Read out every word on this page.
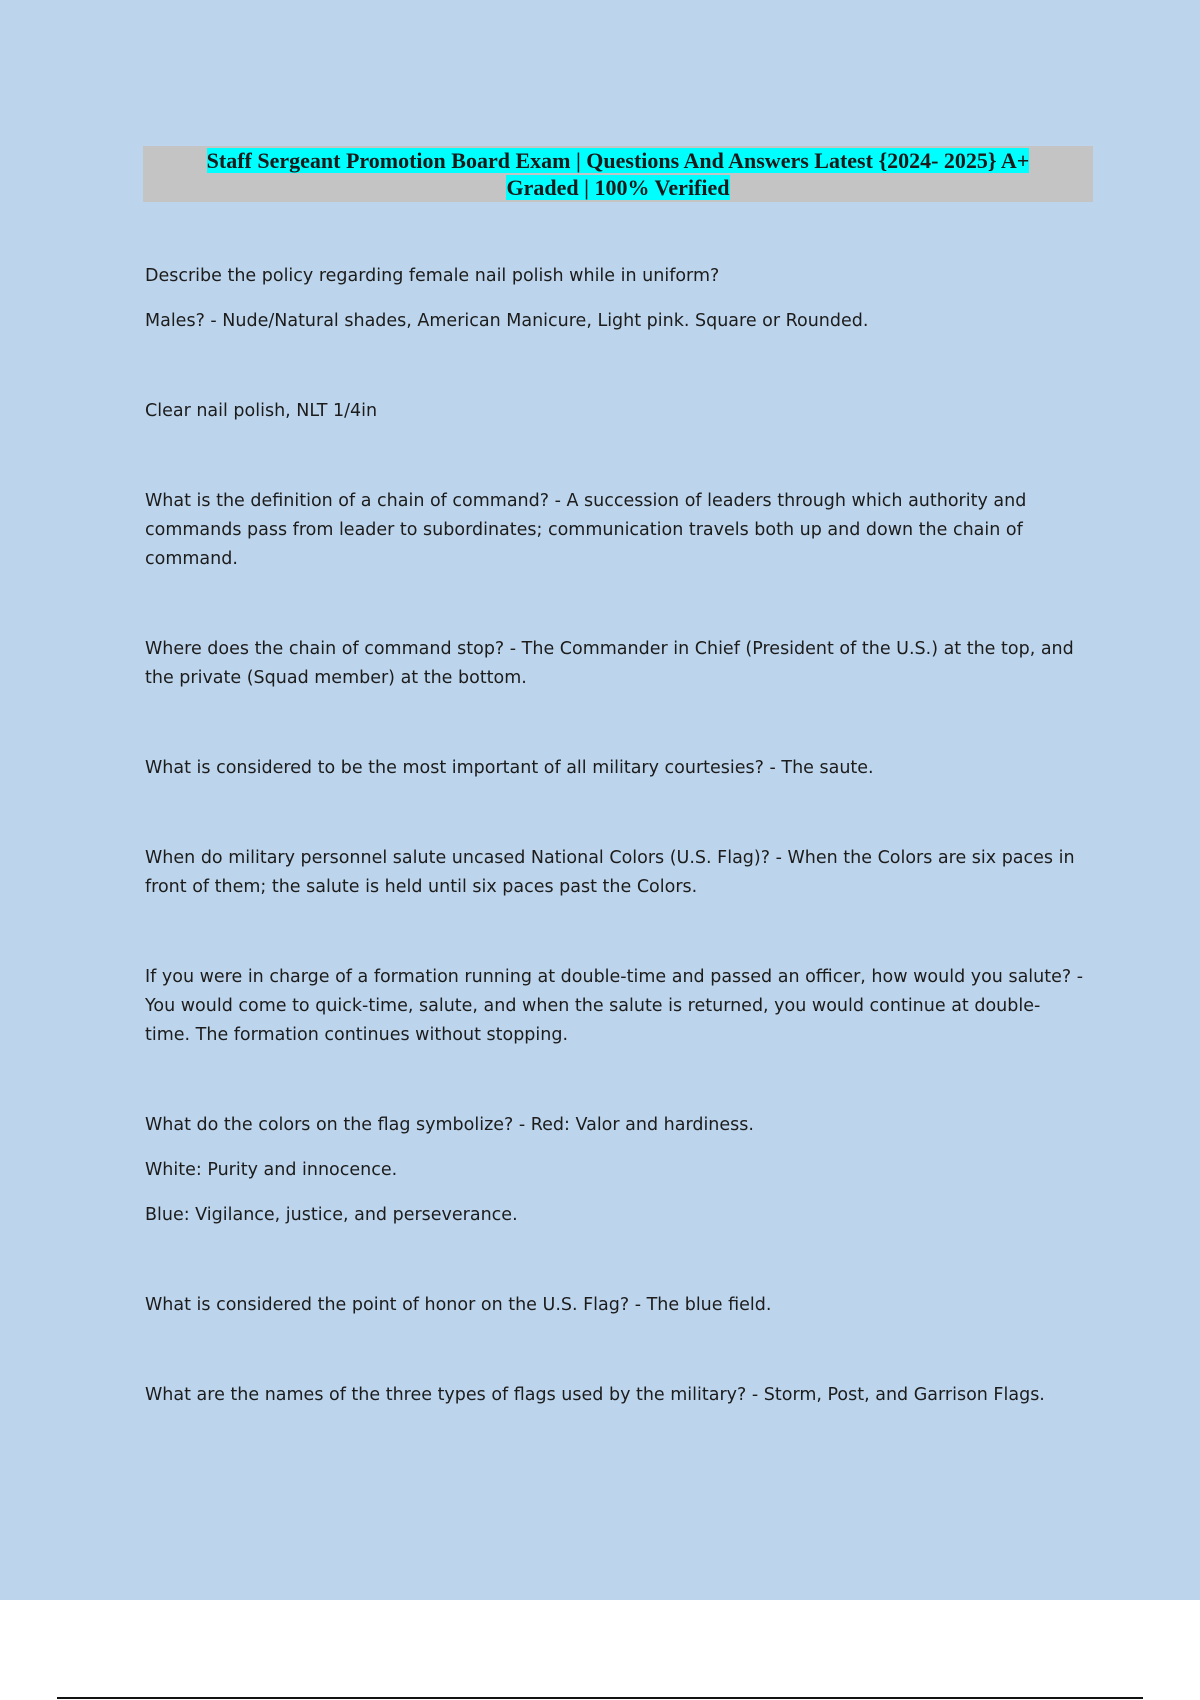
Staff Sergeant Promotion Board Exam | Questions And Answers Latest {2024- 2025} A+
Graded | 100% Verified

Describe the policy regarding female nail polish while in uniform?

Males? - Nude/Natural shades, American Manicure, Light pink. Square or Rounded.

Clear nail polish, NLT 1/4in

What is the definition of a chain of command? - A succession of leaders through which authority and commands pass from leader to subordinates; communication travels both up and down the chain of command.

Where does the chain of command stop? - The Commander in Chief (President of the U.S.) at the top, and the private (Squad member) at the bottom.

What is considered to be the most important of all military courtesies? - The saute.

When do military personnel salute uncased National Colors (U.S. Flag)? - When the Colors are six paces in front of them; the salute is held until six paces past the Colors.

If you were in charge of a formation running at double-time and passed an officer, how would you salute? - You would come to quick-time, salute, and when the salute is returned, you would continue at double-time. The formation continues without stopping.

What do the colors on the flag symbolize? - Red: Valor and hardiness.

White: Purity and innocence.

Blue: Vigilance, justice, and perseverance.

What is considered the point of honor on the U.S. Flag? - The blue field.

What are the names of the three types of flags used by the military? - Storm, Post, and Garrison Flags.
